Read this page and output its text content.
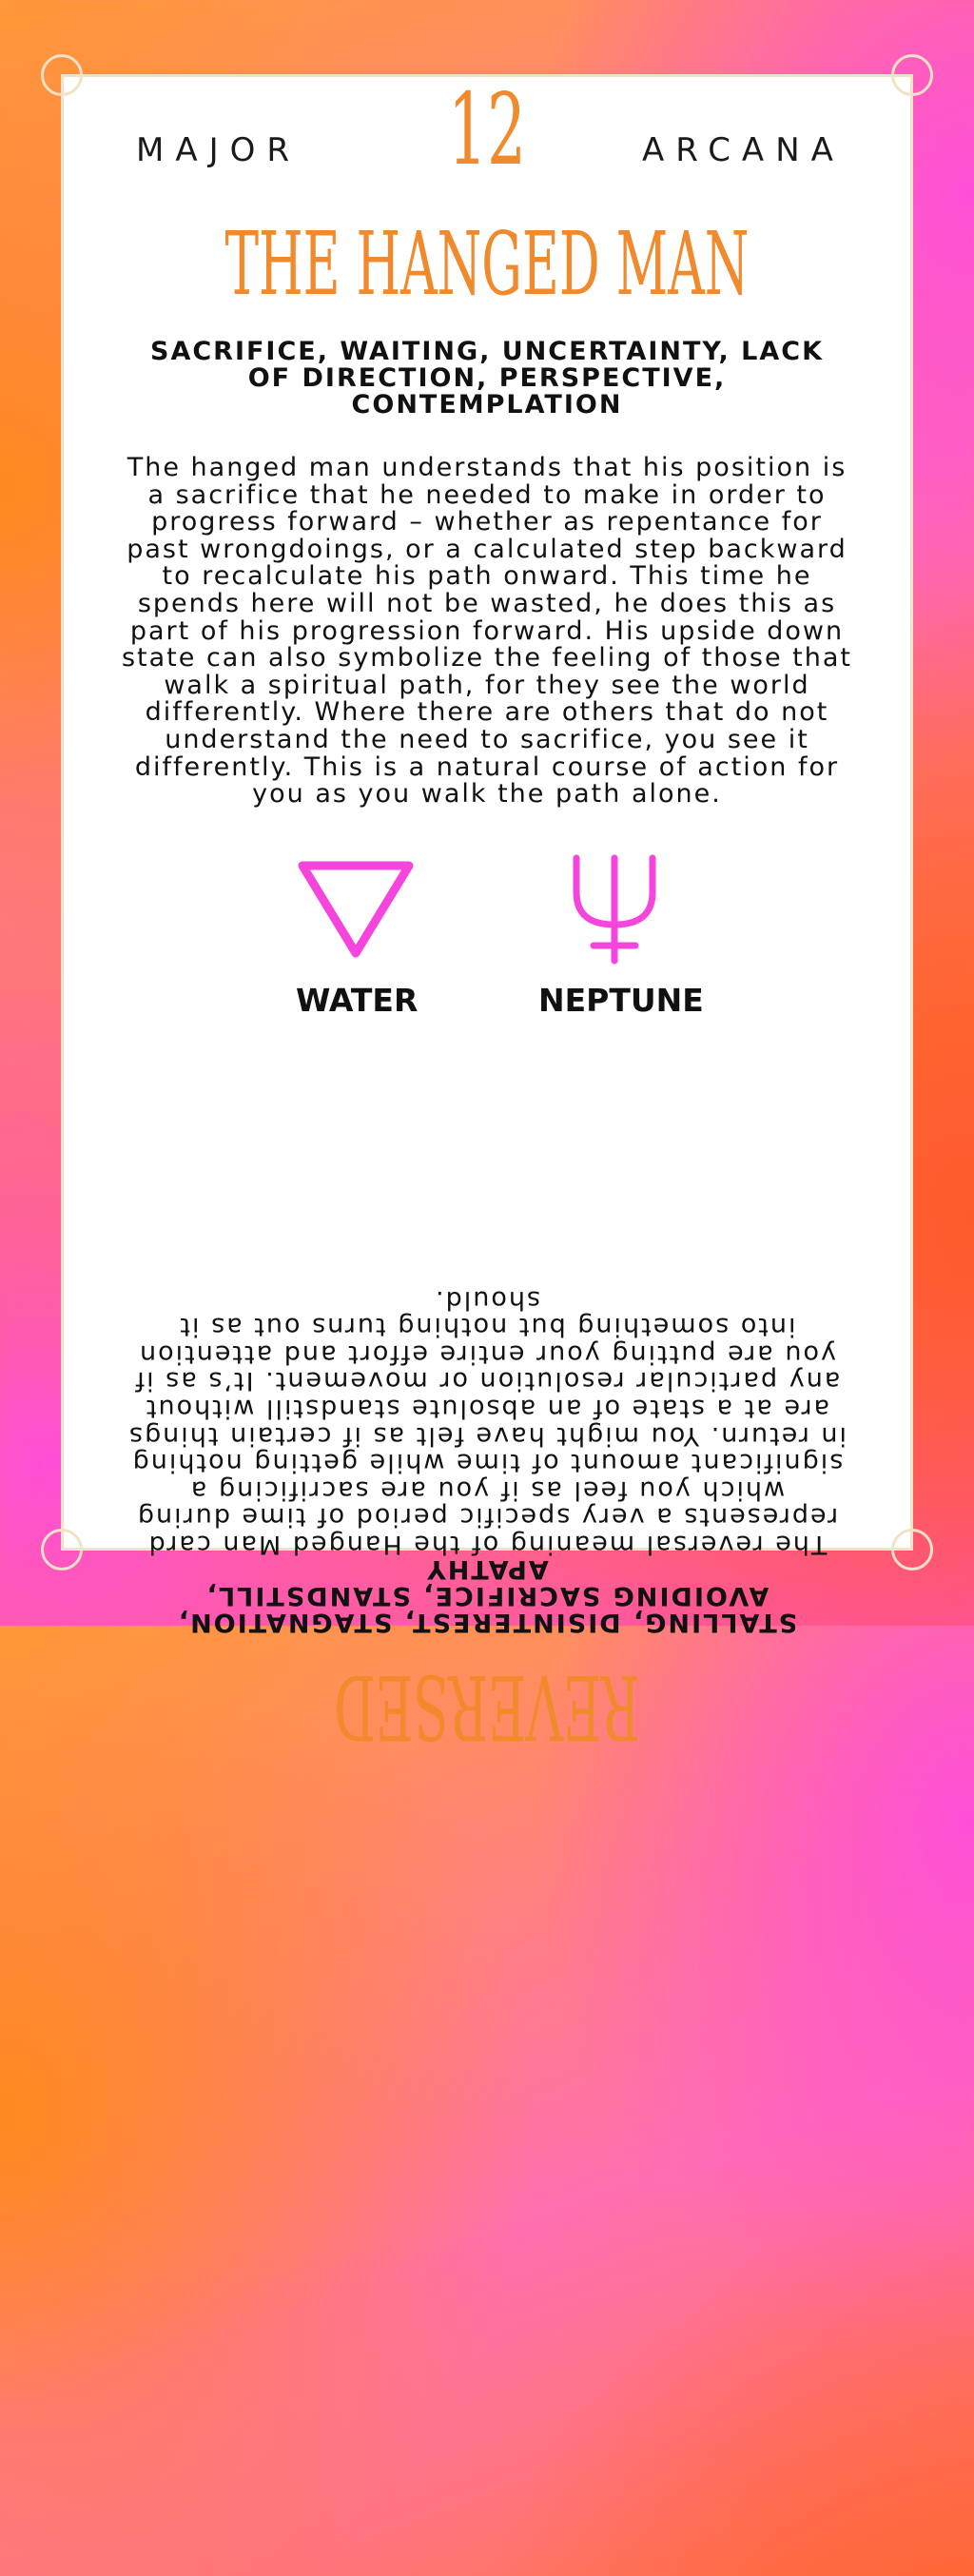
MAJOR	12	ARCANA
THE HANGED MAN
SACRIFICE, WAITING, UNCERTAINTY, LACK OF DIRECTION, PERSPECTIVE, CONTEMPLATION
The hanged man understands that his position is a sacrifice that he needed to make in order to progress forward – whether as repentance for past wrongdoings, or a calculated step backward to recalculate his path onward. This time he spends here will not be wasted, he does this as part of his progression forward. His upside down state can also symbolize the feeling of those that walk a spiritual path, for they see the world differently. Where there are others that do not understand the need to sacrifice, you see it differently. This is a natural course of action for you as you walk the path alone.
WATER	NEPTUNE
REVERSED
STALLING, DISINTEREST, STAGNATION, AVOIDING SACRIFICE, STANDSTILL, APATHY
The reversal meaning of the Hanged Man card represents a very specific period of time during which you feel as if you are sacrificing a significant amount of time while getting nothing in return. You might have felt as if certain things are at a state of an absolute standstill without any particular resolution or movement. It’s as if you are putting your entire effort and attention into something but nothing turns out as it should.
